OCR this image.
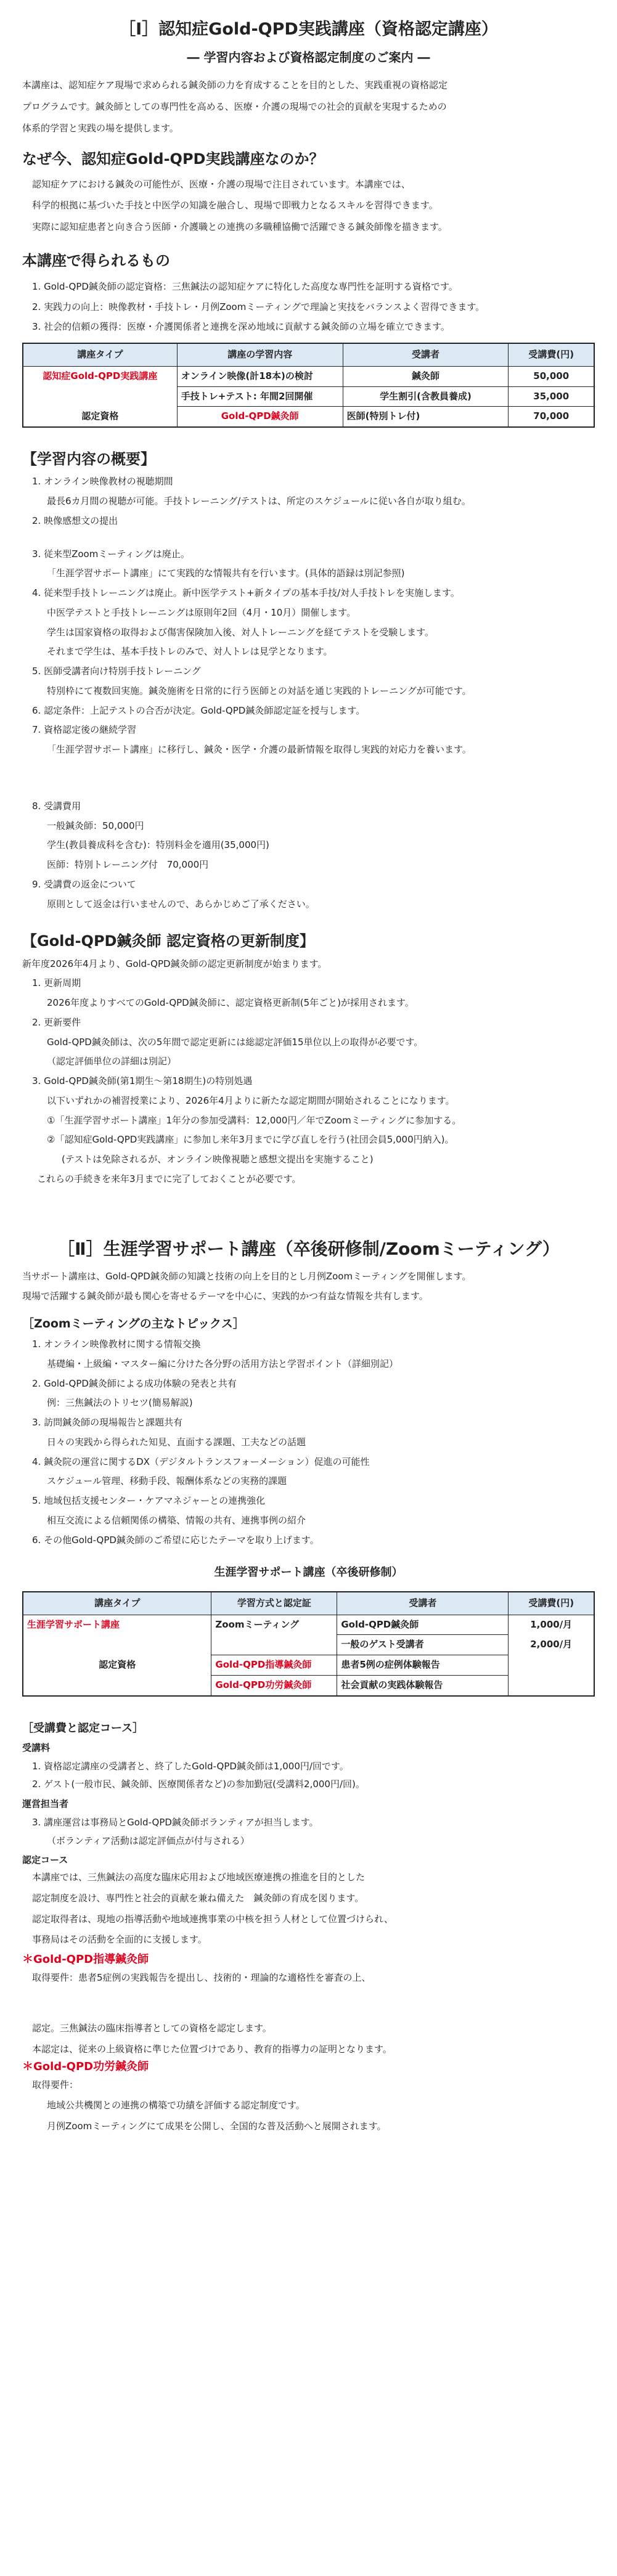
［Ⅰ］認知症Gold-QPD実践講座（資格認定講座）
― 学習内容および資格認定制度のご案内 ―
本講座は、認知症ケア現場で求められる鍼灸師の力を育成することを目的とした、実践重視の資格認定
プログラムです。鍼灸師としての専門性を高める、医療・介護の現場での社会的貢献を実現するための
体系的学習と実践の場を提供します。
なぜ今、認知症Gold-QPD実践講座なのか？
認知症ケアにおける鍼灸の可能性が、医療・介護の現場で注目されています。本講座では、
科学的根拠に基づいた手技と中医学の知識を融合し、現場で即戦力となるスキルを習得できます。
実際に認知症患者と向き合う医師・介護職との連携の多職種協働で活躍できる鍼灸師像を描きます。
本講座で得られるもの
1. Gold-QPD鍼灸師の認定資格：三焦鍼法の認知症ケアに特化した高度な専門性を証明する資格です。
2. 実践力の向上：映像教材・手技トレ・月例Zoomミーティングで理論と実技をバランスよく習得できます。
3. 社会的信頼の獲得：医療・介護関係者と連携を深め地域に貢献する鍼灸師の立場を確立できます。
講座タイプ	講座の学習内容	受講者	受講費(円)
認知症Gold-QPD実践講座	オンライン映像(計18本)の検討	鍼灸師	50,000
	手技トレ+テスト: 年間2回開催	学生割引(含教員養成)	35,000
認定資格	Gold-QPD鍼灸師	医師(特別トレ付)	70,000
【学習内容の概要】
1. オンライン映像教材の視聴期間
最長6カ月間の視聴が可能。手技トレーニング/テストは、所定のスケジュールに従い各自が取り組む。
2. 映像感想文の提出
3. 従来型Zoomミーティングは廃止。
「生涯学習サポート講座」にて実践的な情報共有を行います。(具体的語録は別記参照)
4. 従来型手技トレーニングは廃止。新中医学テスト+新タイプの基本手技/対人手技トレを実施します。
中医学テストと手技トレーニングは原則年2回（4月・10月）開催します。
学生は国家資格の取得および傷害保険加入後、対人トレーニングを経てテストを受験します。
それまで学生は、基本手技トレのみで、対人トレは見学となります。
5. 医師受講者向け特別手技トレーニング
特別枠にて複数回実施。鍼灸施術を日常的に行う医師との対話を通じ実践的トレーニングが可能です。
6. 認定条件：上記テストの合否が決定。Gold-QPD鍼灸師認定証を授与します。
7. 資格認定後の継続学習
「生涯学習サポート講座」に移行し、鍼灸・医学・介護の最新情報を取得し実践的対応力を養います。
8. 受講費用
一般鍼灸師：50,000円
学生(教員養成科を含む)：特別料金を適用(35,000円)
医師：特別トレーニング付　70,000円
9. 受講費の返金について
原則として返金は行いませんので、あらかじめご了承ください。
【Gold-QPD鍼灸師 認定資格の更新制度】
新年度2026年4月より、Gold-QPD鍼灸師の認定更新制度が始まります。
1. 更新周期
2026年度よりすべてのGold-QPD鍼灸師に、認定資格更新制(5年ごと)が採用されます。
2. 更新要件
Gold-QPD鍼灸師は、次の5年間で認定更新には総認定評価15単位以上の取得が必要です。
（認定評価単位の詳細は別記）
3. Gold-QPD鍼灸師(第1期生〜第18期生)の特別処遇
以下いずれかの補習授業により、2026年4月よりに新たな認定期間が開始されることになります。
①「生涯学習サポート講座」1年分の参加受講料：12,000円／年でZoomミーティングに参加する。
②「認知症Gold-QPD実践講座」に参加し来年3月までに学び直しを行う(社団会員5,000円納入)。
(テストは免除されるが、オンライン映像視聴と感想文提出を実施すること)
これらの手続きを来年3月までに完了しておくことが必要です。
［Ⅱ］生涯学習サポート講座（卒後研修制/Zoomミーティング）
当サポート講座は、Gold-QPD鍼灸師の知識と技術の向上を目的とし月例Zoomミーティングを開催します。
現場で活躍する鍼灸師が最も関心を寄せるテーマを中心に、実践的かつ有益な情報を共有します。
［Zoomミーティングの主なトピックス］
1. オンライン映像教材に関する情報交換
基礎編・上級編・マスター編に分けた各分野の活用方法と学習ポイント（詳細別記）
2. Gold-QPD鍼灸師による成功体験の発表と共有
例：三焦鍼法のトリセツ(簡易解説)
3. 訪問鍼灸師の現場報告と課題共有
日々の実践から得られた知見、直面する課題、工夫などの話題
4. 鍼灸院の運営に関するDX（デジタルトランスフォーメーション）促進の可能性
スケジュール管理、移動手段、報酬体系などの実務的課題
5. 地域包括支援センター・ケアマネジャーとの連携強化
相互交流による信頼関係の構築、情報の共有、連携事例の紹介
6. その他Gold-QPD鍼灸師のご希望に応じたテーマを取り上げます。
生涯学習サポート講座（卒後研修制）
講座タイプ	学習方式と認定証	受講者	受講費(円)
生涯学習サポート講座	Zoomミーティング	Gold-QPD鍼灸師	1,000/月
		一般のゲスト受講者	2,000/月
認定資格	Gold-QPD指導鍼灸師	患者5例の症例体験報告	
	Gold-QPD功労鍼灸師	社会貢献の実践体験報告	
［受講費と認定コース］
受講料
1. 資格認定講座の受講者と、終了したGold-QPD鍼灸師は1,000円/回です。
2. ゲスト(一般市民、鍼灸師、医療関係者など)の参加勤冠(受講料2,000円/回)。
運営担当者
3. 講座運営は事務局とGold-QPD鍼灸師ボランティアが担当します。
（ボランティア活動は認定評価点が付与される）
認定コース
本講座では、三焦鍼法の高度な臨床応用および地域医療連携の推進を目的とした
認定制度を設け、専門性と社会的貢献を兼ね備えた　鍼灸師の育成を図ります。
認定取得者は、現地の指導活動や地域連携事業の中核を担う人材として位置づけられ、
事務局はその活動を全面的に支援します。
＊Gold-QPD指導鍼灸師
取得要件：患者5症例の実践報告を提出し、技術的・理論的な適格性を審査の上、
認定。三焦鍼法の臨床指導者としての資格を認定します。
本認定は、従来の上級資格に準じた位置づけであり、教育的指導力の証明となります。
＊Gold-QPD功労鍼灸師
取得要件：
地域公共機関との連携の構築で功績を評価する認定制度です。
月例Zoomミーティングにて成果を公開し、全国的な普及活動へと展開されます。
